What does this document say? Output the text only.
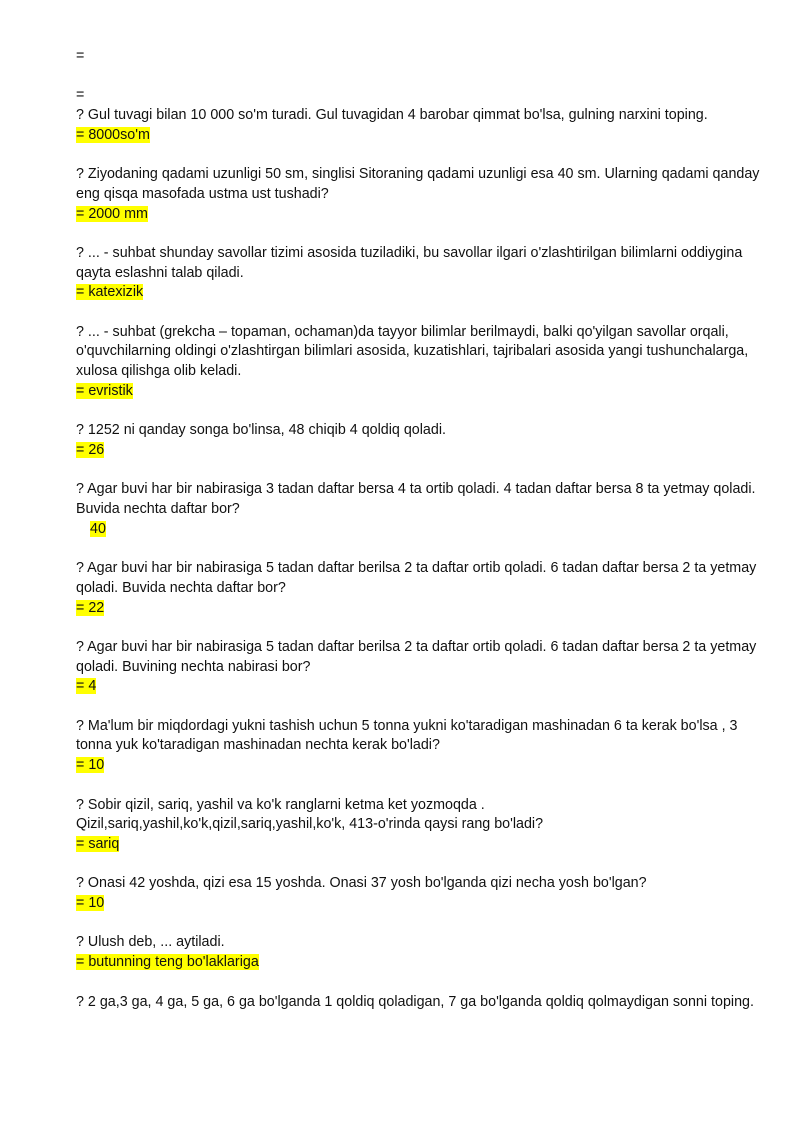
=

=

? Gul tuvagi bilan 10 000 so'm turadi. Gul tuvagidan 4 barobar qimmat bo'lsa, gulning narxini toping.

= 8000so'm

? Ziyodaning qadami uzunligi 50 sm, singlisi Sitoraning qadami uzunligi esa 40 sm. Ularning qadami qanday eng qisqa masofada ustma ust tushadi?

= 2000 mm

? ... - suhbat shunday savollar tizimi asosida tuziladiki, bu savollar ilgari o'zlashtirilgan bilimlarni oddiygina qayta eslashni talab qiladi.

= katexizik

? ... - suhbat (grekcha – topaman, ochaman)da tayyor bilimlar berilmaydi, balki qo'yilgan savollar orqali, o'quvchilarning oldingi o'zlashtirgan bilimlari asosida, kuzatishlari, tajribalari asosida yangi tushunchalarga, xulosa qilishga olib keladi.

= evristik

? 1252 ni qanday songa bo'linsa, 48 chiqib 4 qoldiq qoladi.

= 26

? Agar buvi har bir nabirasiga 3 tadan daftar bersa 4 ta ortib qoladi. 4 tadan daftar bersa 8 ta yetmay qoladi. Buvida nechta daftar bor?

40

? Agar buvi har bir nabirasiga 5 tadan daftar berilsa 2 ta daftar ortib qoladi. 6 tadan daftar bersa 2 ta yetmay qoladi. Buvida nechta daftar bor?

= 22

? Agar buvi har bir nabirasiga 5 tadan daftar berilsa 2 ta daftar ortib qoladi. 6 tadan daftar bersa 2 ta yetmay qoladi. Buvining nechta nabirasi bor?

= 4

? Ma'lum bir miqdordagi yukni tashish uchun 5 tonna yukni ko'taradigan mashinadan 6 ta kerak bo'lsa , 3 tonna yuk ko'taradigan mashinadan nechta kerak bo'ladi?

= 10

? Sobir qizil, sariq, yashil va ko'k ranglarni ketma ket yozmoqda .

Qizil,sariq,yashil,ko'k,qizil,sariq,yashil,ko'k, 413-o'rinda qaysi rang bo'ladi?

= sariq

? Onasi 42 yoshda, qizi esa 15 yoshda. Onasi 37 yosh bo'lganda qizi necha yosh bo'lgan?

= 10

? Ulush deb, ... aytiladi.

= butunning teng bo'laklariga

? 2 ga,3 ga, 4 ga, 5 ga, 6 ga bo'lganda 1 qoldiq qoladigan, 7 ga bo'lganda qoldiq qolmaydigan sonni toping.
